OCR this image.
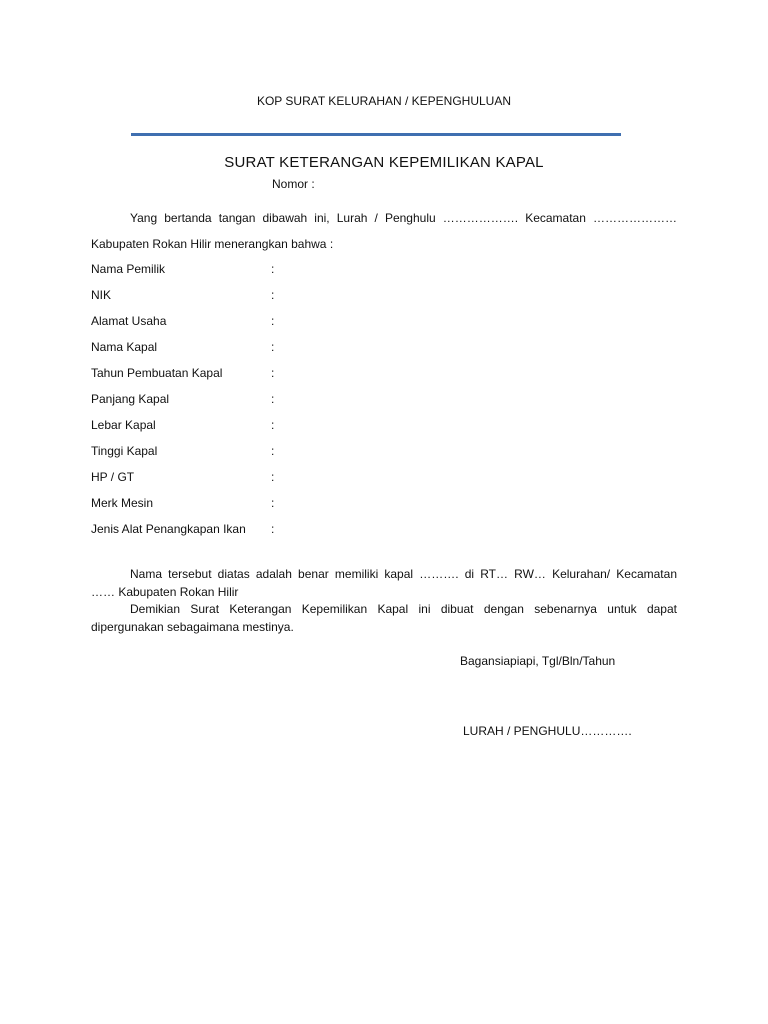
KOP SURAT KELURAHAN / KEPENGHULUAN
SURAT KETERANGAN KEPEMILIKAN KAPAL
Nomor :
Yang bertanda tangan dibawah ini, Lurah / Penghulu ………………. Kecamatan …………………
Kabupaten Rokan Hilir menerangkan bahwa :
Nama Pemilik	:
NIK	:
Alamat Usaha	:
Nama Kapal	:
Tahun Pembuatan Kapal	:
Panjang Kapal	:
Lebar Kapal	:
Tinggi Kapal	:
HP / GT	:
Merk Mesin	:
Jenis Alat Penangkapan Ikan :
Nama tersebut diatas adalah benar memiliki kapal ………. di RT… RW… Kelurahan/ Kecamatan
…… Kabupaten Rokan Hilir
Demikian Surat Keterangan Kepemilikan Kapal ini dibuat dengan sebenarnya untuk dapat
dipergunakan sebagaimana mestinya.
Bagansiapiapi, Tgl/Bln/Tahun
LURAH / PENGHULU………….
